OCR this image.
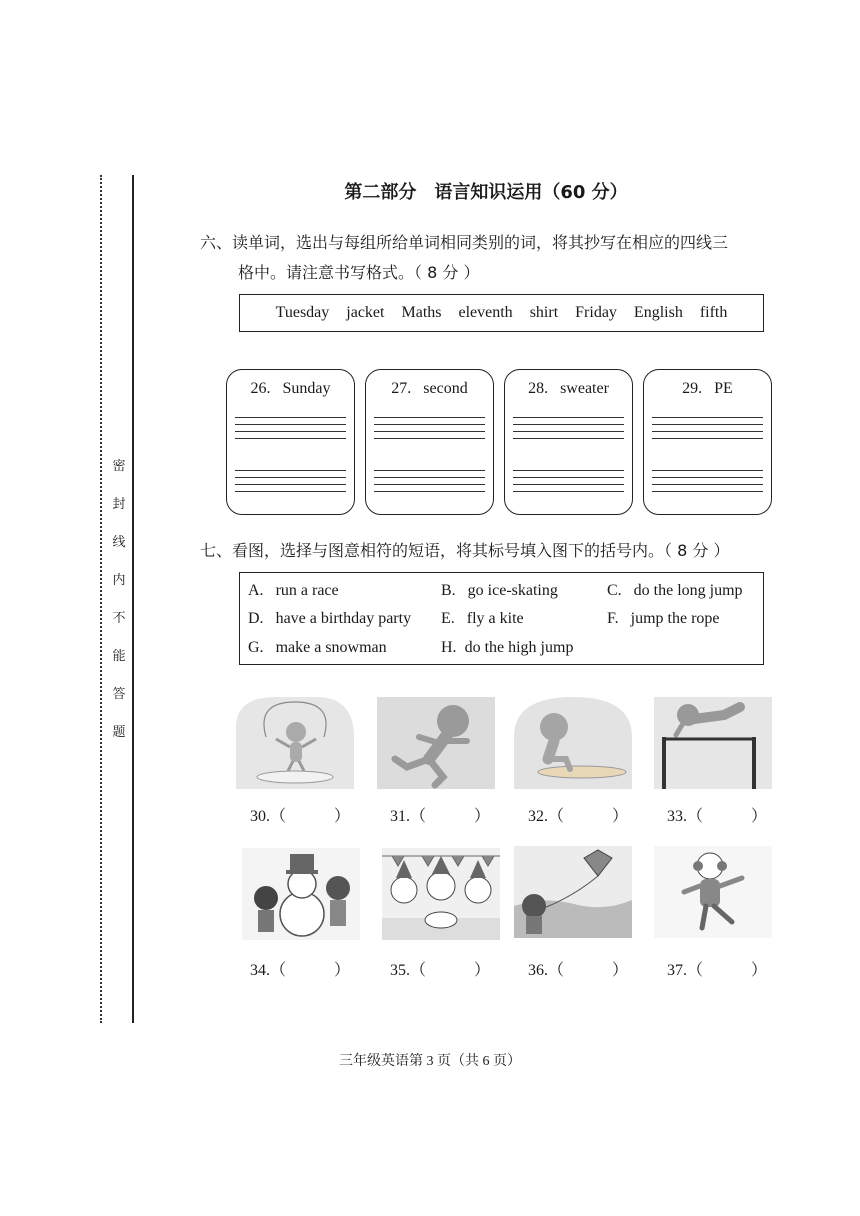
密
封
线
内
不
能
答
题
第二部分　语言知识运用（60 分）
六、读单词，选出与每组所给单词相同类别的词，将其抄写在相应的四线三
格中。请注意书写格式。（ 8 分 ）
Tuesday jacket Maths eleventh shirt Friday English fifth
26. Sunday	27. second	28. sweater	29. PE
七、看图，选择与图意相符的短语，将其标号填入图下的括号内。（ 8 分 ）
A. run a race	B. go ice-skating	C. do the long jump
D. have a birthday party E. fly a kite	F. jump the rope
G. make a snowman	H. do the high jump
30.（　　　） 31.（　　　） 32.（　　　） 33.（　　　）
34.（　　　） 35.（　　　） 36.（　　　） 37.（　　　）
三年级英语第 3 页（共 6 页）
